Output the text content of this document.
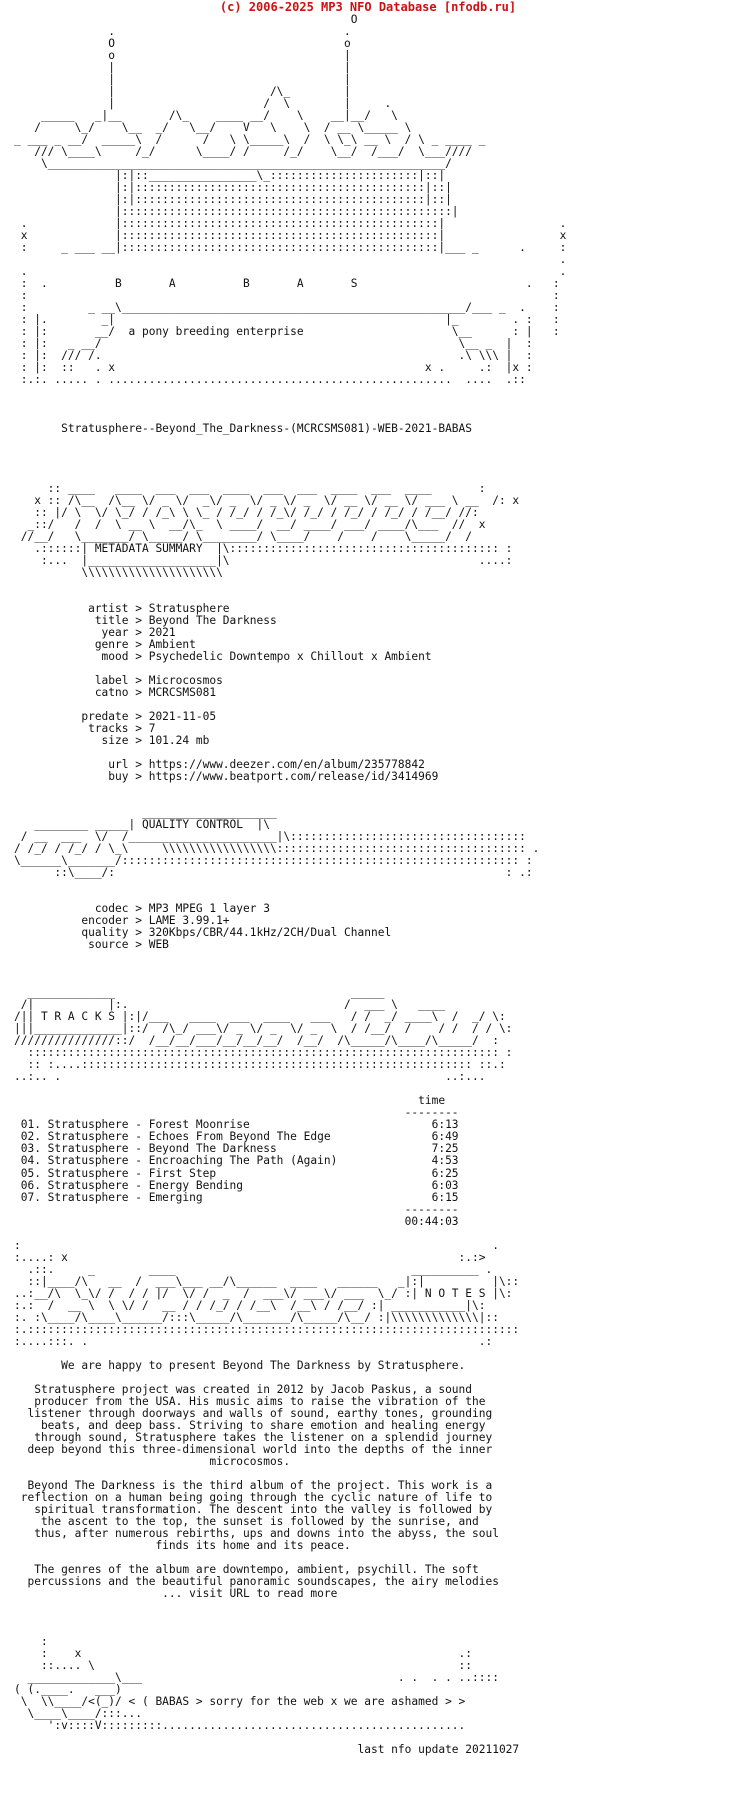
(c) 2006-2025 MP3 NFO Database [nfodb.ru]
O
.                                  .
O                                  o
o                                  |
|                                  |
|                                  |
|                       /\_        |
|                      /  \        |     .
_____   _|__       /\_    ____ __/    \    __|__/   \
/     \_/    \__  _/   \__/    V   \    \  / __ \_____ \
_ ___ _ __/  _____\  /      /   \ \_____\  /  \ \_\ __ \  / \ _ ____ _
/// \____\     /_/      \____/ /     /_/    \__/  /___/  \___////
\___________________________________________________________/
|:|::________________\_::::::::::::::::::::::|::|
|:|:::::::::::::::::::::::::::::::::::::::::::|::|
|:|:::::::::::::::::::::::::::::::::::::::::::|::|
|:::::::::::::::::::::::::::::::::::::::::::::::::|
.             |:::::::::::::::::::::::::::::::::::::::::::::::|                 .
x             |:::::::::::::::::::::::::::::::::::::::::::::::|                 x
:     _ ___ __|:::::::::::::::::::::::::::::::::::::::::::::::|___ _      .     :
.
.                                                                               .
:  .          B       A          B       A       S                         .   :
:                                                                              :
:         _ __\___________________________________________________/___ _  .    :
: |.        _|                                                 |_        . :   :
: |:       __/  a pony breeding enterprise                      \__      : |   :
: |:   _ __/                                                     \__ _  |  :
: |:  /// /.                                                     .\ \\\ |  :
: |:  ::   . x                                              x .     .:  |x :
:.:. ..... . ...................................................  ....  .::

Stratusphere--Beyond_The_Darkness-(MCRCSMS081)-WEB-2021-BABAS

:: ____   ____  ___  ___  ____  ___  ___  ____  ___  ____       :
x :: /\__  /\__ \/ _ \/  _\/ _  \/ _ \/ _  \/ __ \/ __ \/ ___ \ __  /: x
:: |/ \  \/ \_/ / /_\ \ \_ / /_/ / /_\/ /_/ / /_/ / /_/ / /__/ //:
_::/   /  /  \ __ \  __/\_  \ ____/  __/ ____/ ___/ ____/\___  //  x
//__/   \_______/ \_____/ \________/ \____/    /    /    \_____/  /
.::::::| METADATA SUMMARY  |\:::::::::::::::::::::::::::::::::::::::: :
:...  |___________________|\                                     ....:
\\\\\\\\\\\\\\\\\\\\\

artist > Stratusphere
title > Beyond The Darkness
year > 2021
genre > Ambient
mood > Psychedelic Downtempo x Chillout x Ambient

label > Microcosmos
catno > MCRCSMS081

predate > 2021-11-05
tracks > 7
size > 101.24 mb

url > https://www.deezer.com/en/album/235778842
buy > https://www.beatport.com/release/id/3414969

____________________
________ _____| QUALITY CONTROL  |\
/ __  ___  \/  /______________________|\:::::::::::::::::::::::::::::::::::
/ /_/ / /_/ / \_\     \\\\\\\\\\\\\\\\\::::::::::::::::::::::::::::::::::::: .
\______\_______/::::::::::::::::::::::::::::::::::::::::::::::::::::::::::: :
::\____/:                                                          : .:

codec > MP3 MPEG 1 layer 3
encoder > LAME 3.99.1+
quality > 320Kbps/CBR/44.1kHz/2CH/Dual Channel
source > WEB

_____________                                   _____
/|           |:.                                /  ___ \   ____
/|| T R A C K S |:|/___   ____  ___  ____   ___   / /  _/ ____\  /  _/ \:
|||_____________|::/  /\_/ ___\/ _ \/ _  \/ _  \  / /__/  /    / /  / / \:
///////////////::/  /__/__/___/__/__/__/  /__/  /\_____/\____/\_____/  :
:::::::::::::::::::::::::::::::::::::::::::::::::::::::::::::::::::::: :
:: :....:::::::::::::::::::::::::::::::::::::::::::::::::::::::::: ::.:
..:.. .                                                         ..:...

time
--------
01. Stratusphere - Forest Moonrise                           6:13
02. Stratusphere - Echoes From Beyond The Edge               6:49
03. Stratusphere - Beyond The Darkness                       7:25
04. Stratusphere - Encroaching The Path (Again)              4:53
05. Stratusphere - First Step                                6:25
06. Stratusphere - Energy Bending                            6:03
07. Stratusphere - Emerging                                  6:15
--------
00:44:03

:                                                                      .
:....: x                                                          :.:>
.::.     _        ____                                   __________ .
::|____/\   __  /  ___\___ __/\______  ____   ______   _|:|          |\::
..:__/\  \_\/ /  / / |/  \/ /  _  /  ___\/ ___\/ ___  \_/ :| N O T E S |\:
:.:  /  __ \  \ \/ /  __ / / /_/ / /__\  /__\ / /__/ :| ___________|\:
:. :\____/\____\______/:::\_____/\_______/\_____/\__/ :|\\\\\\\\\\\\\|::
:.:::::::::::::::::::::::::::::::::::::::::::::::::::::::::::::::::::::::::
:....:::. .                                                          .:

We are happy to present Beyond The Darkness by Stratusphere.

Stratusphere project was created in 2012 by Jacob Paskus, a sound
producer from the USA. His music aims to raise the vibration of the
listener through doorways and walls of sound, earthy tones, grounding
beats, and deep bass. Striving to share emotion and healing energy
through sound, Stratusphere takes the listener on a splendid journey
deep beyond this three-dimensional world into the depths of the inner
microcosmos.

Beyond The Darkness is the third album of the project. This work is a
reflection on a human being going through the cyclic nature of life to
spiritual transformation. The descent into the valley is followed by
the ascent to the top, the sunset is followed by the sunrise, and
thus, after numerous rebirths, ups and downs into the abyss, the soul
finds its home and its peace.

The genres of the album are downtempo, ambient, psychill. The soft
percussions and the beautiful panoramic soundscapes, the airy melodies
... visit URL to read more

:
:    x                                                        .:
::.... \                                                      ::
_____________\___                                      . .  . . ..::::
( (.____.   ___)
\  \\____/<(_)/ < ( BABAS > sorry for the web x we are ashamed > >
\____\____/:::...
':v::::V:::::::::.............................................

last nfo update 20211027
